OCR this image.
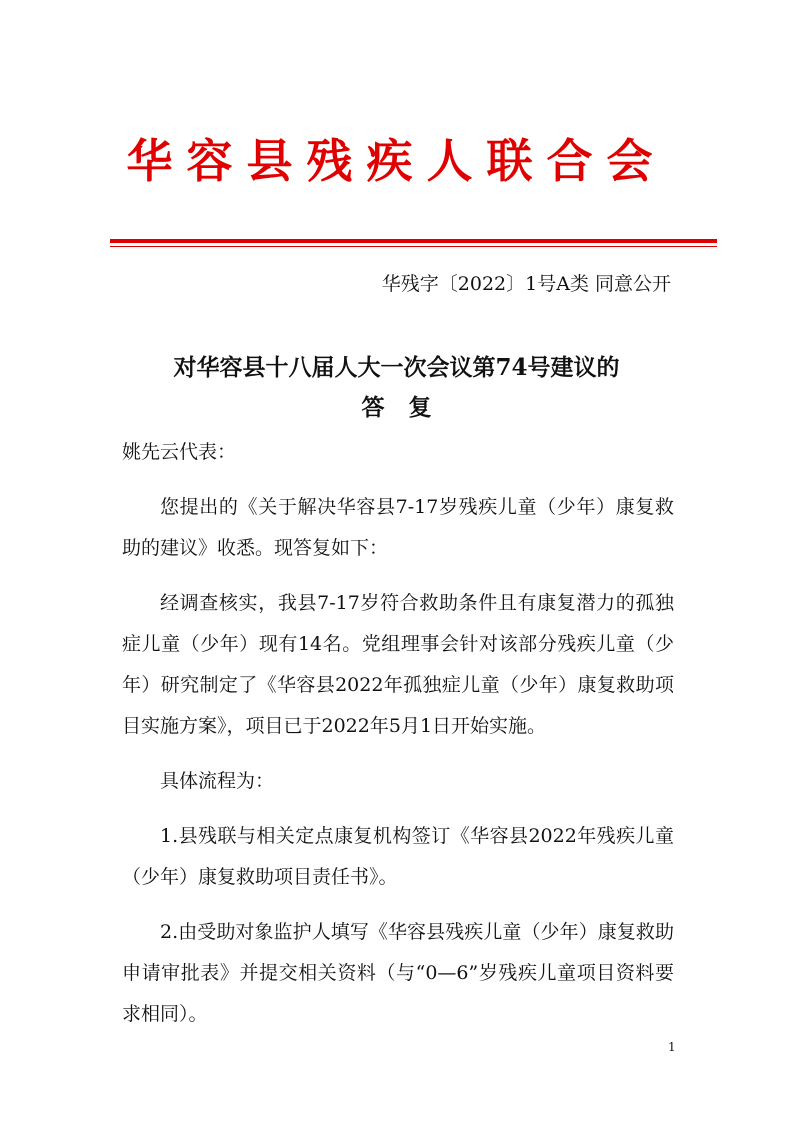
华容县残疾人联合会
华残字〔2022〕1号A类 同意公开
对华容县十八届人大一次会议第74号建议的
答复

姚先云代表：

您提出的《关于解决华容县7-17岁残疾儿童（少年）康复救助的建议》收悉。现答复如下：

经调查核实，我县7-17岁符合救助条件且有康复潜力的孤独症儿童（少年）现有14名。党组理事会针对该部分残疾儿童（少年）研究制定了《华容县2022年孤独症儿童（少年）康复救助项目实施方案》，项目已于2022年5月1日开始实施。

具体流程为：

1.县残联与相关定点康复机构签订《华容县2022年残疾儿童（少年）康复救助项目责任书》。

2.由受助对象监护人填写《华容县残疾儿童（少年）康复救助申请审批表》并提交相关资料（与“0—6”岁残疾儿童项目资料要求相同）。

1
